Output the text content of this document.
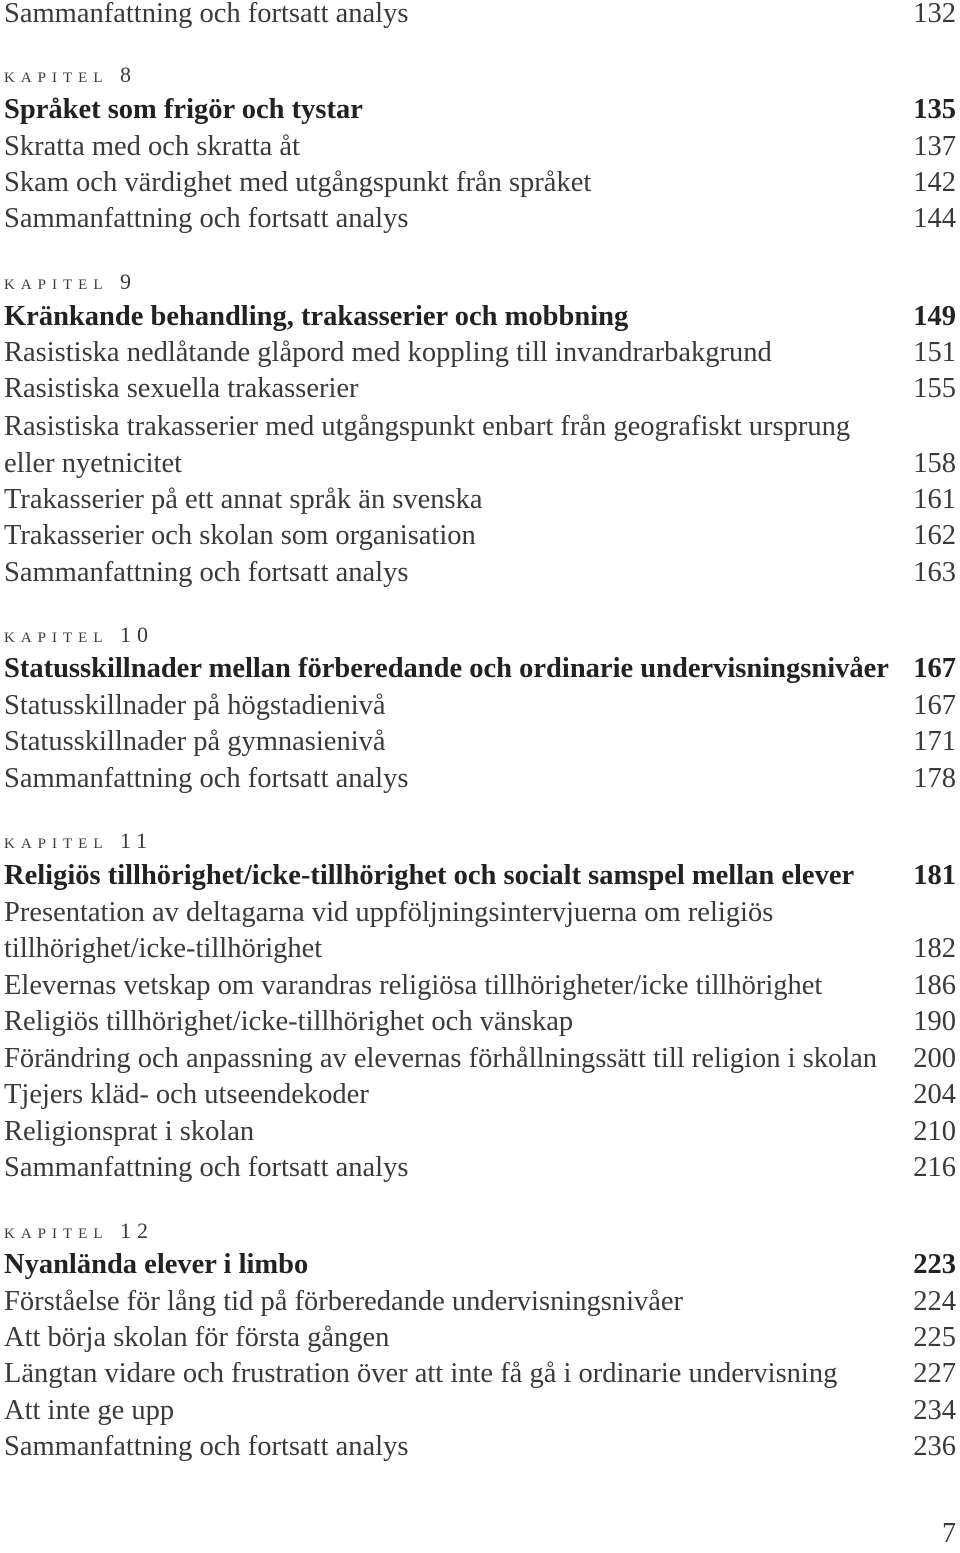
Sammanfattning och fortsatt analys	132
kapitel 8
Språket som frigör och tystar	135
Skratta med och skratta åt	137
Skam och värdighet med utgångspunkt från språket	142
Sammanfattning och fortsatt analys	144
kapitel 9
Kränkande behandling, trakasserier och mobbning	149
Rasistiska nedlåtande glåpord med koppling till invandrarbakgrund	151
Rasistiska sexuella trakasserier	155
Rasistiska trakasserier med utgångspunkt enbart från geografiskt ursprung
eller nyetnicitet	158
Trakasserier på ett annat språk än svenska	161
Trakasserier och skolan som organisation	162
Sammanfattning och fortsatt analys	163
kapitel 10
Statusskillnader mellan förberedande och ordinarie undervisningsnivåer 167
Statusskillnader på högstadienivå	167
Statusskillnader på gymnasienivå	171
Sammanfattning och fortsatt analys	178
kapitel 11
Religiös tillhörighet/icke-tillhörighet och socialt samspel mellan elever 181
Presentation av deltagarna vid uppföljningsintervjuerna om religiös
tillhörighet/icke-tillhörighet	182
Elevernas vetskap om varandras religiösa tillhörigheter/icke tillhörighet	186
Religiös tillhörighet/icke-tillhörighet och vänskap	190
Förändring och anpassning av elevernas förhållningssätt till religion i skolan 200
Tjejers kläd- och utseendekoder	204
Religionsprat i skolan	210
Sammanfattning och fortsatt analys	216
kapitel 12
Nyanlända elever i limbo	223
Förståelse för lång tid på förberedande undervisningsnivåer	224
Att börja skolan för första gången	225
Längtan vidare och frustration över att inte få gå i ordinarie undervisning	227
Att inte ge upp	234
Sammanfattning och fortsatt analys	236
7
